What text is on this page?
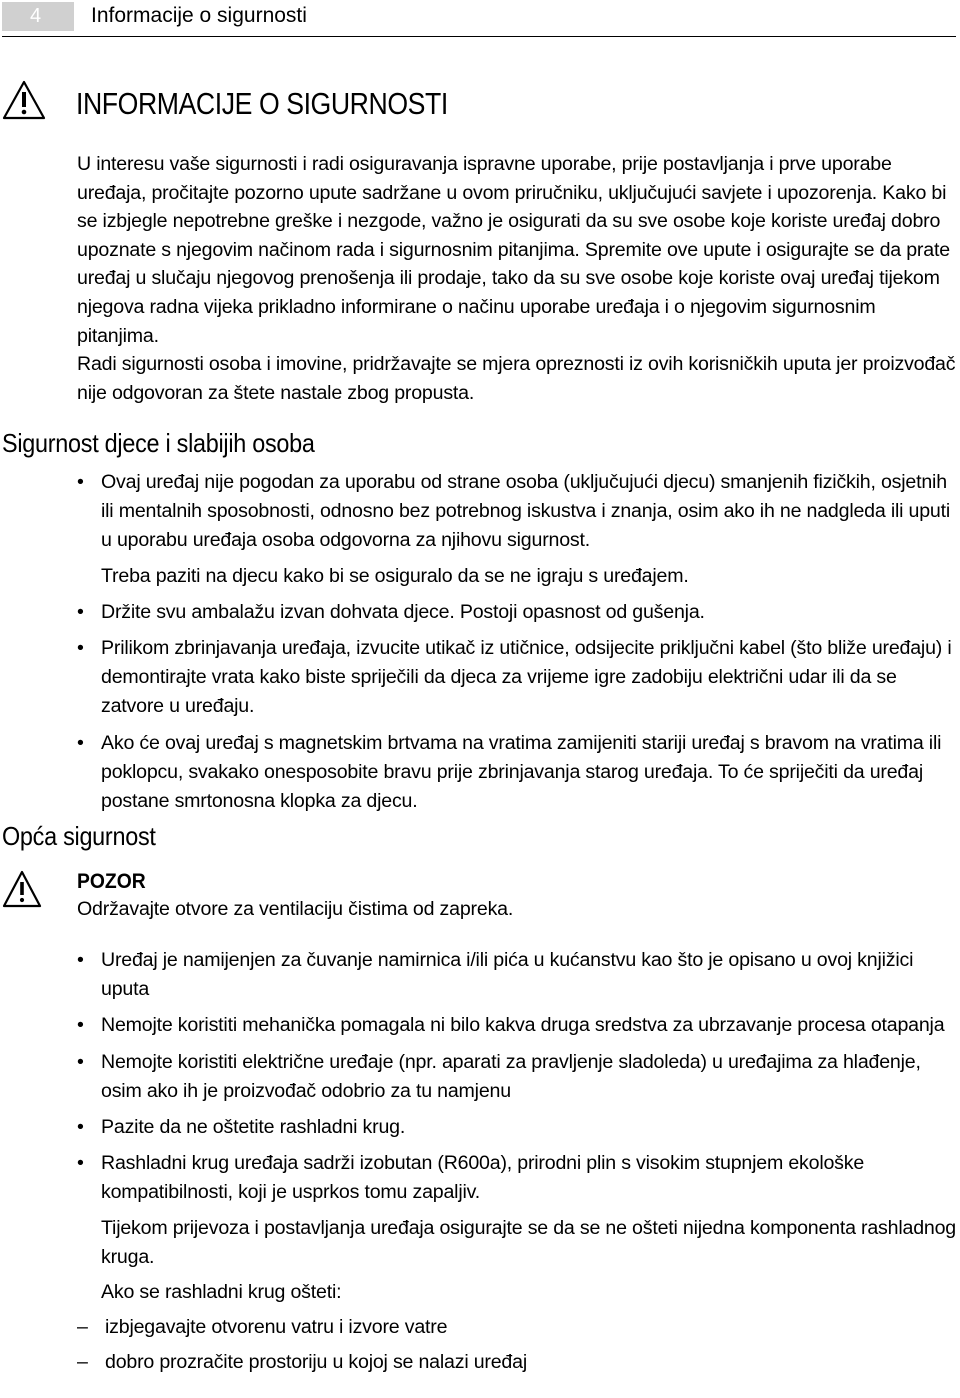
4	Informacije o sigurnosti
INFORMACIJE O SIGURNOSTI

U interesu vaše sigurnosti i radi osiguravanja ispravne uporabe, prije postavljanja i prve uporabe uređaja, pročitajte pozorno upute sadržane u ovom priručniku, uključujući savjete i upozorenja. Kako bi se izbjegle nepotrebne greške i nezgode, važno je osigurati da su sve osobe koje koriste uređaj dobro upoznate s njegovim načinom rada i sigurnosnim pitanjima. Spremite ove upute i osigurajte se da prate uređaj u slučaju njegovog prenošenja ili prodaje, tako da su sve osobe koje koriste ovaj uređaj tijekom njegova radna vijeka prikladno informirane o načinu uporabe uređaja i o njegovim sigurnosnim pitanjima.

Radi sigurnosti osoba i imovine, pridržavajte se mjera opreznosti iz ovih korisničkih uputa jer proizvođač nije odgovoran za štete nastale zbog propusta.

Sigurnost djece i slabijih osoba
• Ovaj uređaj nije pogodan za uporabu od strane osoba (uključujući djecu) smanjenih fizičkih, osjetnih ili mentalnih sposobnosti, odnosno bez potrebnog iskustva i znanja, osim ako ih ne nadgleda ili uputi u uporabu uređaja osoba odgovorna za njihovu sigurnost.
Treba paziti na djecu kako bi se osiguralo da se ne igraju s uređajem.
• Držite svu ambalažu izvan dohvata djece. Postoji opasnost od gušenja.
• Prilikom zbrinjavanja uređaja, izvucite utikač iz utičnice, odsijecite priključni kabel (što bliže uređaju) i demontirajte vrata kako biste spriječili da djeca za vrijeme igre zadobiju električni udar ili da se zatvore u uređaju.
• Ako će ovaj uređaj s magnetskim brtvama na vratima zamijeniti stariji uređaj s bravom na vratima ili poklopcu, svakako onesposobite bravu prije zbrinjavanja starog uređaja. To će spriječiti da uređaj postane smrtonosna klopka za djecu.
Opća sigurnost
POZOR
Održavajte otvore za ventilaciju čistima od zapreka.
• Uređaj je namijenjen za čuvanje namirnica i/ili pića u kućanstvu kao što je opisano u ovoj knjižici uputa
• Nemojte koristiti mehanička pomagala ni bilo kakva druga sredstva za ubrzavanje procesa otapanja
• Nemojte koristiti električne uređaje (npr. aparati za pravljenje sladoleda) u uređajima za hlađenje, osim ako ih je proizvođač odobrio za tu namjenu
• Pazite da ne oštetite rashladni krug.
• Rashladni krug uređaja sadrži izobutan (R600a), prirodni plin s visokim stupnjem ekološke kompatibilnosti, koji je usprkos tomu zapaljiv.
Tijekom prijevoza i postavljanja uređaja osigurajte se da se ne ošteti nijedna komponenta rashladnog kruga.
Ako se rashladni krug ošteti:
– izbjegavajte otvorenu vatru i izvore vatre
– dobro prozračite prostoriju u kojoj se nalazi uređaj
